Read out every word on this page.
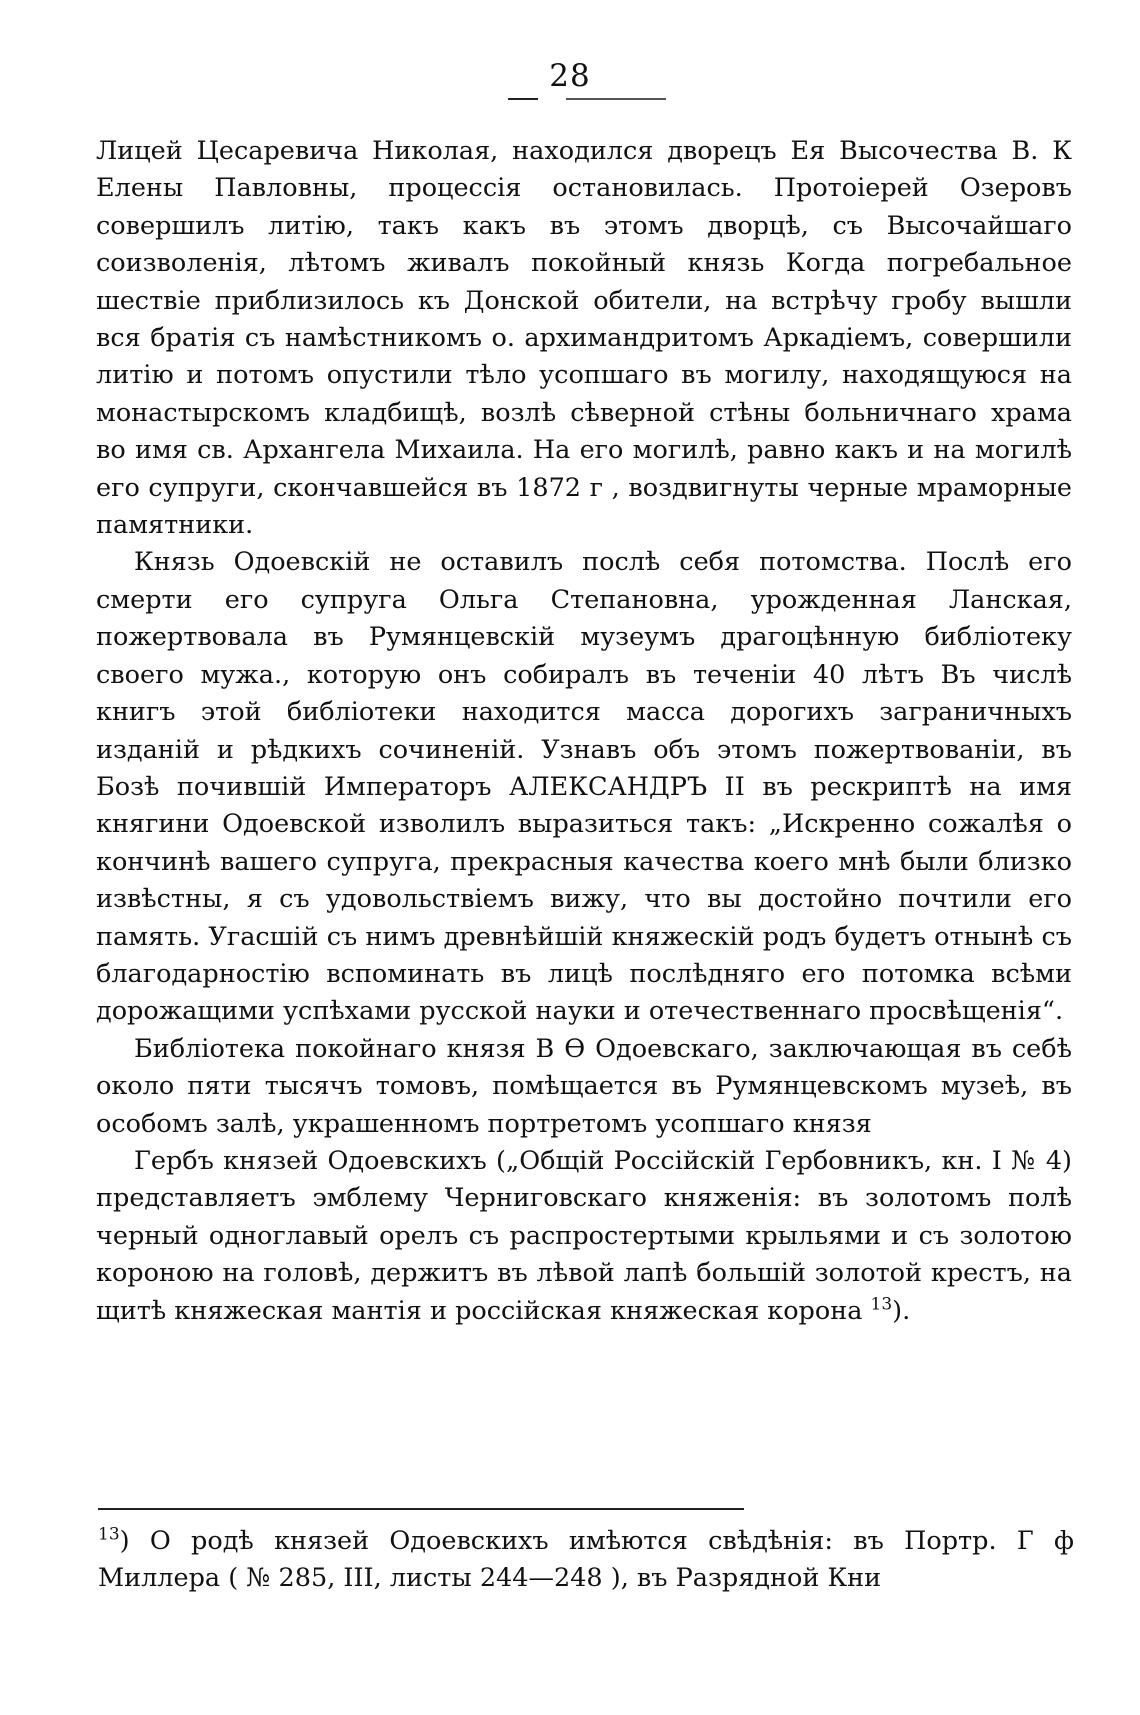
28

Лицей Цесаревича Николая, находился дворецъ Ея Высочества В. К Елены Павловны, процессія остановилась. Протоіерей Озеровъ совершилъ литію, такъ какъ въ этомъ дворцѣ, съ Высочайшаго соизволенія, лѣтомъ живалъ покойный князь Когда погребальное шествіе приблизилось къ Донской обители, на встрѣчу гробу вышли вся братія съ намѣстникомъ о. архимандритомъ Аркадіемъ, совершили литію и потомъ опустили тѣло усопшаго въ могилу, находящуюся на монастырскомъ кладбищѣ, возлѣ сѣверной стѣны больничнаго храма во имя св. Архангела Михаила. На его могилѣ, равно какъ и на могилѣ его супруги, скончавшейся въ 1872 г , воздвигнуты черные мраморные памятники.

Князь Одоевскій не оставилъ послѣ себя потомства. Послѣ его смерти его супруга Ольга Степановна, урожденная Ланская, пожертвовала въ Румянцевскій музеумъ драгоцѣнную библіотеку своего мужа., которую онъ собиралъ въ теченіи 40 лѣтъ Въ числѣ книгъ этой библіотеки находится масса дорогихъ заграничныхъ изданій и рѣдкихъ сочиненій. Узнавъ объ этомъ пожертвованіи, въ Бозѣ почившій Императоръ АЛЕКСАНДРЪ II въ рескриптѣ на имя княгини Одоевской изволилъ выразиться такъ: „Искренно сожалѣя о кончинѣ вашего супруга, прекрасныя качества коего мнѣ были близко извѣстны, я съ удовольствіемъ вижу, что вы достойно почтили его память. Угасшій съ нимъ древнѣйшій княжескій родъ будетъ отнынѣ съ благодарностію вспоминать въ лицѣ послѣдняго его потомка всѣми дорожащими успѣхами русской науки и отечественнаго просвѣщенія“.

Библіотека покойнаго князя В Ѳ Одоевскаго, заключающая въ себѣ около пяти тысячъ томовъ, помѣщается въ Румянцевскомъ музеѣ, въ особомъ залѣ, украшенномъ портретомъ усопшаго князя

Гербъ князей Одоевскихъ („Общій Россійскій Гербовникъ, кн. I № 4) представляетъ эмблему Черниговскаго княженія: въ золотомъ полѣ черный одноглавый орелъ съ распростертыми крыльями и съ золотою короною на головѣ, держитъ въ лѣвой лапѣ большій золотой крестъ, на щитѣ княжеская мантія и россійская княжеская корона $^{13}$).

$^{13}$) О родѣ князей Одоевскихъ имѣются свѣдѣнія: въ Портр. Г ф Миллера ( № 285, III, листы 244—248 ), въ Разрядной Кни
